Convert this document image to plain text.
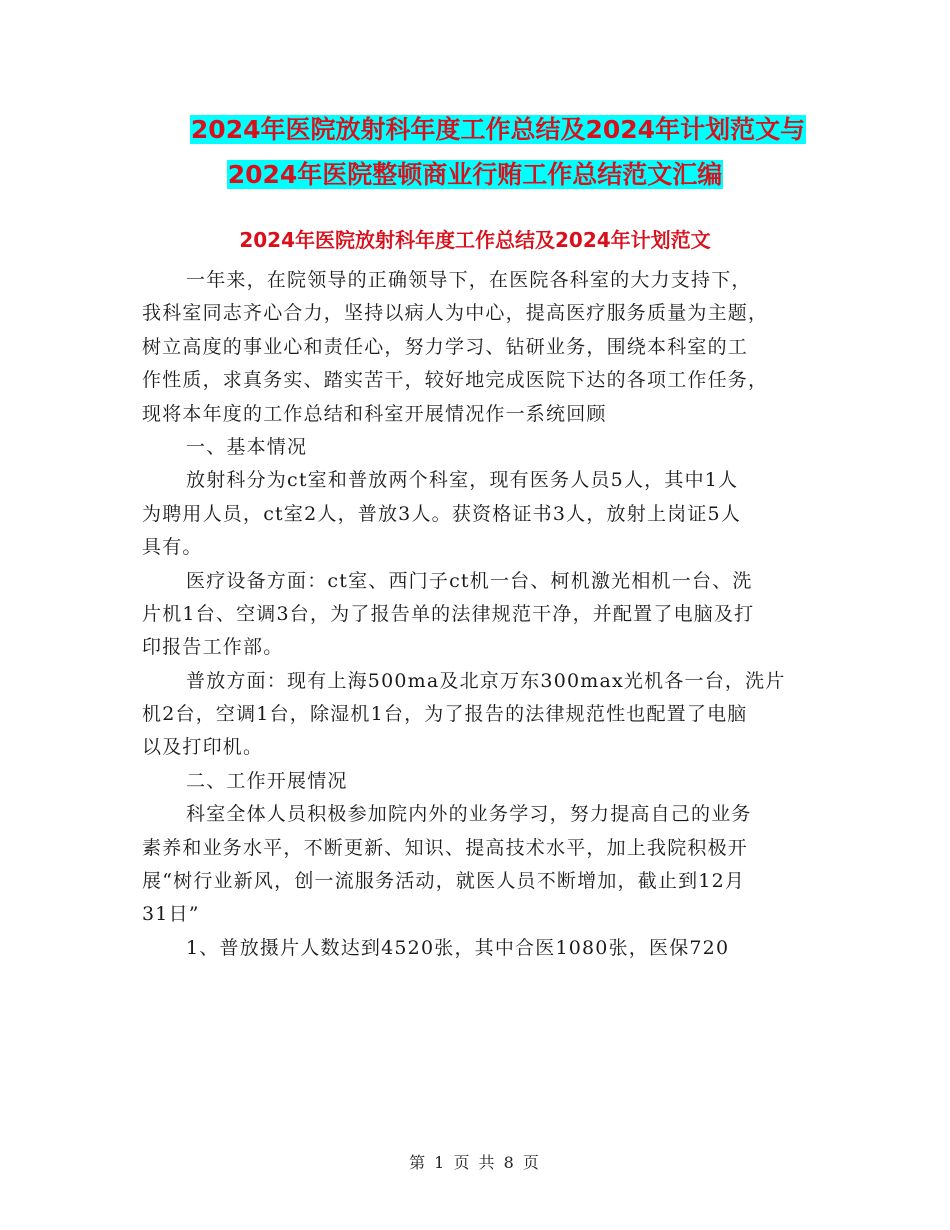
2024年医院放射科年度工作总结及2024年计划范文与
2024年医院整顿商业行贿工作总结范文汇编
2024年医院放射科年度工作总结及2024年计划范文
一年来，在院领导的正确领导下，在医院各科室的大力支持下，
我科室同志齐心合力，坚持以病人为中心，提高医疗服务质量为主题，
树立高度的事业心和责任心，努力学习、钻研业务，围绕本科室的工
作性质，求真务实、踏实苦干，较好地完成医院下达的各项工作任务，
现将本年度的工作总结和科室开展情况作一系统回顾
一、基本情况
放射科分为ct室和普放两个科室，现有医务人员5人，其中1人
为聘用人员，ct室2人，普放3人。获资格证书3人，放射上岗证5人
具有。
医疗设备方面：ct室、西门子ct机一台、柯机激光相机一台、洗
片机1台、空调3台，为了报告单的法律规范干净，并配置了电脑及打
印报告工作部。
普放方面：现有上海500ma及北京万东300max光机各一台，洗片
机2台，空调1台，除湿机1台，为了报告的法律规范性也配置了电脑
以及打印机。
二、工作开展情况
科室全体人员积极参加院内外的业务学习，努力提高自己的业务
素养和业务水平，不断更新、知识、提高技术水平，加上我院积极开
展“树行业新风，创一流服务活动，就医人员不断增加，截止到12月
31日”
1、普放摄片人数达到4520张，其中合医1080张，医保720
第 1 页 共 8 页
